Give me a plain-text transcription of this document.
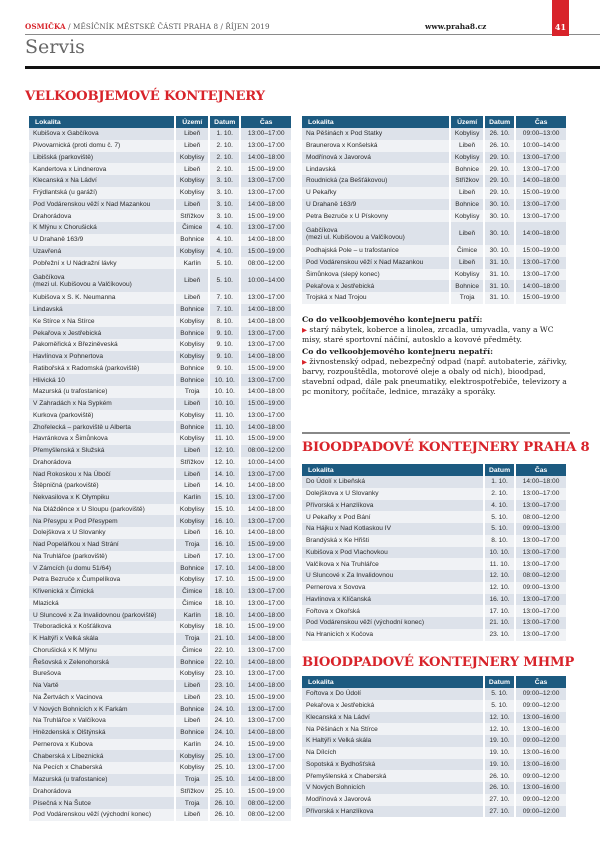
OSMIČKA / MĚSÍČNÍK MĚSTSKÉ ČÁSTI PRAHA 8 / ŘÍJEN 2019	www.praha8.cz	41
Servis
VELKOOBJEMOVÉ KONTEJNERY
Lokalita	Území	Datum	Čas
Kubišova x Gabčíkova	Libeň	1. 10.	13:00–17:00
Pivovarnická (proti domu č. 7)	Libeň	2. 10.	13:00–17:00
Libišská (parkoviště)	Kobylisy	2. 10.	14:00–18:00
Kandertova x Lindnerova	Libeň	2. 10.	15:00–19:00
Klecanská x Na Ládví	Kobylisy	3. 10.	13:00–17:00
Frýdlantská (u garáží)	Kobylisy	3. 10.	13:00–17:00
Pod Vodárenskou věží x Nad Mazankou	Libeň	3. 10.	14:00–18:00
Drahorádova	Střížkov	3. 10.	15:00–19:00
K Mlýnu x Chorušická	Čimice	4. 10.	13:00–17:00
U Drahaně 163/9	Bohnice	4. 10.	14:00–18:00
Uzavřená	Kobylisy	4. 10.	15:00–19:00
Pobřežní x U Nádražní lávky	Karlín	5. 10.	08:00–12:00
Gabčíkova
(mezi ul. Kubišovou a Valčíkovou)	Libeň	5. 10.	10:00–14:00
Kubišova x S. K. Neumanna	Libeň	7. 10.	13:00–17:00
Lindavská	Bohnice	7. 10.	14:00–18:00
Ke Stírce x Na Stírce	Kobylisy	8. 10.	14:00–18:00
Pekařova x Jestřebická	Bohnice	9. 10.	13:00–17:00
Pakoměřická x Březiněveská	Kobylisy	9. 10.	13:00–17:00
Havlínova x Pohnertova	Kobylisy	9. 10.	14:00–18:00
Ratibořská x Radomská (parkoviště)	Bohnice	9. 10.	15:00–19:00
Hlivická 10	Bohnice	10. 10.	13:00–17:00
Mazurská (u trafostanice)	Troja	10. 10.	14:00–18:00
V Zahradách x Na Sypkém	Libeň	10. 10.	15:00–19:00
Kurkova (parkoviště)	Kobylisy	11. 10.	13:00–17:00
Zhořelecká – parkoviště u Alberta	Bohnice	11. 10.	14:00–18:00
Havránkova x Šimůnkova	Kobylisy	11. 10.	15:00–19:00
Přemyšlenská x Služská	Libeň	12. 10.	08:00–12:00
Drahorádova	Střížkov	12. 10.	10:00–14:00
Nad Rokoskou x Na Úbočí	Libeň	14. 10.	13:00–17:00
Štěpničná (parkoviště)	Libeň	14. 10.	14:00–18:00
Nekvasilova x K Olympiku	Karlín	15. 10.	13:00–17:00
Na Dlážděnce x U Sloupu (parkoviště)	Kobylisy	15. 10.	14:00–18:00
Na Přesypu x Pod Přesypem	Kobylisy	16. 10.	13:00–17:00
Dolejškova x U Slovanky	Libeň	16. 10.	14:00–18:00
Nad Popelářkou x Nad Strání	Troja	16. 10.	15:00–19:00
Na Truhlářce (parkoviště)	Libeň	17. 10.	13:00–17:00
V Zámcích (u domu 51/64)	Bohnice	17. 10.	14:00–18:00
Petra Bezruče x Čumpelíkova	Kobylisy	17. 10.	15:00–19:00
Křivenická x Čimická	Čimice	18. 10.	13:00–17:00
Mlazická	Čimice	18. 10.	13:00–17:00
U Sluncové x Za Invalidovnou (parkoviště)	Karlín	18. 10.	14:00–18:00
Třeboradická x Košťálkova	Kobylisy	18. 10.	15:00–19:00
K Haltýři x Velká skála	Troja	21. 10.	14:00–18:00
Chorušická x K Mlýnu	Čimice	22. 10.	13:00–17:00
Řešovská x Zelenohorská	Bohnice	22. 10.	14:00–18:00
Burešova	Kobylisy	23. 10.	13:00–17:00
Na Vartě	Libeň	23. 10.	14:00–18:00
Na Žertvách x Vacinova	Libeň	23. 10.	15:00–19:00
V Nových Bohnicích x K Farkám	Bohnice	24. 10.	13:00–17:00
Na Truhlářce x Valčíkova	Libeň	24. 10.	13:00–17:00
Hnězdenská x Olštýnská	Bohnice	24. 10.	14:00–18:00
Pernerova x Kubova	Karlín	24. 10.	15:00–19:00
Chaberská x Líbeznická	Kobylisy	25. 10.	13:00–17:00
Na Pecích x Chaberská	Kobylisy	25. 10.	13:00–17:00
Mazurská (u trafostanice)	Troja	25. 10.	14:00–18:00
Drahorádova	Střížkov	25. 10.	15:00–19:00
Písečná x Na Šutce	Troja	26. 10.	08:00–12:00
Pod Vodárenskou věží (východní konec)	Libeň	26. 10.	08:00–12:00
Lokalita	Území	Datum	Čas
Na Pěšinách x Pod Statky	Kobylisy	26. 10.	09:00–13:00
Braunerova x Konšelská	Libeň	26. 10.	10:00–14:00
Modřínová x Javorová	Kobylisy	29. 10.	13:00–17:00
Lindavská	Bohnice	29. 10.	13:00–17:00
Roudnická (za Bešťákovou)	Střížkov	29. 10.	14:00–18:00
U Pekařky	Libeň	29. 10.	15:00–19:00
U Drahaně 163/9	Bohnice	30. 10.	13:00–17:00
Petra Bezruče x U Pískovny	Kobylisy	30. 10.	13:00–17:00
Gabčíkova
(mezi ul. Kubišovou a Valčíkovou)	Libeň	30. 10.	14:00–18:00
Podhajská Pole – u trafostanice	Čimice	30. 10.	15:00–19:00
Pod Vodárenskou věží x Nad Mazankou	Libeň	31. 10.	13:00–17:00
Šimůnkova (slepý konec)	Kobylisy	31. 10.	13:00–17:00
Pekařova x Jestřebická	Bohnice	31. 10.	14:00–18:00
Trojská x Nad Trojou	Troja	31. 10.	15:00–19:00
Co do velkoobjemového kontejneru patří:

▶ starý nábytek, koberce a linolea, zrcadla, umyvadla, vany a WC misy, staré sportovní náčiní, autosklo a kovové předměty.

Co do velkoobjemového kontejneru nepatří:

▶ živnostenský odpad, nebezpečný odpad (např. autobaterie, zářivky, barvy, rozpouštědla, motorové oleje a obaly od nich), bioodpad, stavební odpad, dále pak pneumatiky, elektrospotřebiče, televizory a pc monitory, počítače, lednice, mrazáky a sporáky.

BIOODPADOVÉ KONTEJNERY PRAHA 8
Lokalita	Datum	Čas
Do Údolí x Libeňská	1. 10.	14:00–18:00
Dolejškova x U Slovanky	2. 10.	13:00–17:00
Přívorská x Hanzlíkova	4. 10.	13:00–17:00
U Pekařky x Pod Bání	5. 10.	08:00–12:00
Na Hájku x Nad Kotlaskou IV	5. 10.	09:00–13:00
Brandýská x Ke Hřišti	8. 10.	13:00–17:00
Kubišova x Pod Vlachovkou	10. 10.	13:00–17:00
Valčíkova x Na Truhlářce	11. 10.	13:00–17:00
U Sluncové x Za Invalidovnou	12. 10.	08:00–12:00
Pernerova x Sovova	12. 10.	09:00–13:00
Havlínova x Klíčanská	16. 10.	13:00–17:00
Fořtova x Okořská	17. 10.	13:00–17:00
Pod Vodárenskou věží (východní konec)	21. 10.	13:00–17:00
Na Hranicích x Kočova	23. 10.	13:00–17:00
BIOODPADOVÉ KONTEJNERY MHMP
Lokalita	Datum	Čas
Fořtova x Do Údolí	5. 10.	09:00–12:00
Pekařova x Jestřebická	5. 10.	09:00–12:00
Klecanská x Na Ládví	12. 10.	13:00–16:00
Na Pěšinách x Na Stírce	12. 10.	13:00–16:00
K Haltýři x Velká skála	19. 10.	09:00–12:00
Na Dílcích	19. 10.	13:00–16:00
Sopotská x Bydhošťská	19. 10.	13:00–16:00
Přemyšlenská x Chaberská	26. 10.	09:00–12:00
V Nových Bohnicích	26. 10.	13:00–16:00
Modřínová x Javorová	27. 10.	09:00–12:00
Přívorská x Hanzlíkova	27. 10.	09:00–12:00
